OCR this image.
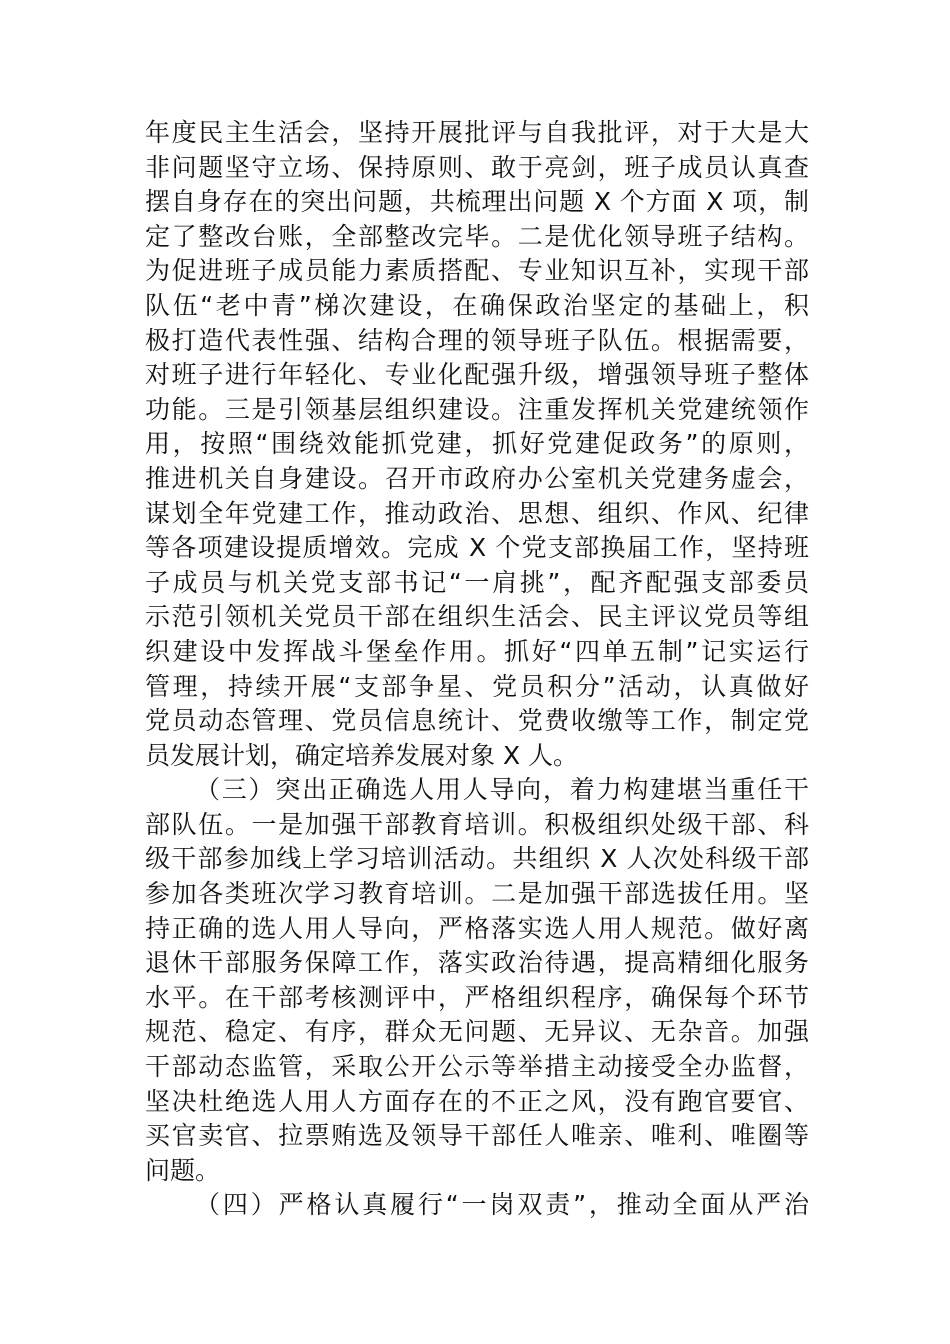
年度民主生活会，坚持开展批评与自我批评，对于大是大
非问题坚守立场、保持原则、敢于亮剑，班子成员认真查
摆自身存在的突出问题，共梳理出问题 X 个方面 X 项，制
定了整改台账，全部整改完毕。二是优化领导班子结构。
为促进班子成员能力素质搭配、专业知识互补，实现干部
队伍“老中青”梯次建设，在确保政治坚定的基础上，积
极打造代表性强、结构合理的领导班子队伍。根据需要，
对班子进行年轻化、专业化配强升级，增强领导班子整体
功能。三是引领基层组织建设。注重发挥机关党建统领作
用，按照“围绕效能抓党建，抓好党建促政务”的原则，
推进机关自身建设。召开市政府办公室机关党建务虚会，
谋划全年党建工作，推动政治、思想、组织、作风、纪律
等各项建设提质增效。完成 X 个党支部换届工作，坚持班
子成员与机关党支部书记“一肩挑”，配齐配强支部委员
示范引领机关党员干部在组织生活会、民主评议党员等组
织建设中发挥战斗堡垒作用。抓好“四单五制”记实运行
管理，持续开展“支部争星、党员积分”活动，认真做好
党员动态管理、党员信息统计、党费收缴等工作，制定党
员发展计划，确定培养发展对象 X 人。
（三）突出正确选人用人导向，着力构建堪当重任干
部队伍。一是加强干部教育培训。积极组织处级干部、科
级干部参加线上学习培训活动。共组织 X 人次处科级干部
参加各类班次学习教育培训。二是加强干部选拔任用。坚
持正确的选人用人导向，严格落实选人用人规范。做好离
退休干部服务保障工作，落实政治待遇，提高精细化服务
水平。在干部考核测评中，严格组织程序，确保每个环节
规范、稳定、有序，群众无问题、无异议、无杂音。加强
干部动态监管，采取公开公示等举措主动接受全办监督，
坚决杜绝选人用人方面存在的不正之风，没有跑官要官、
买官卖官、拉票贿选及领导干部任人唯亲、唯利、唯圈等
问题。
（四）严格认真履行“一岗双责”，推动全面从严治
